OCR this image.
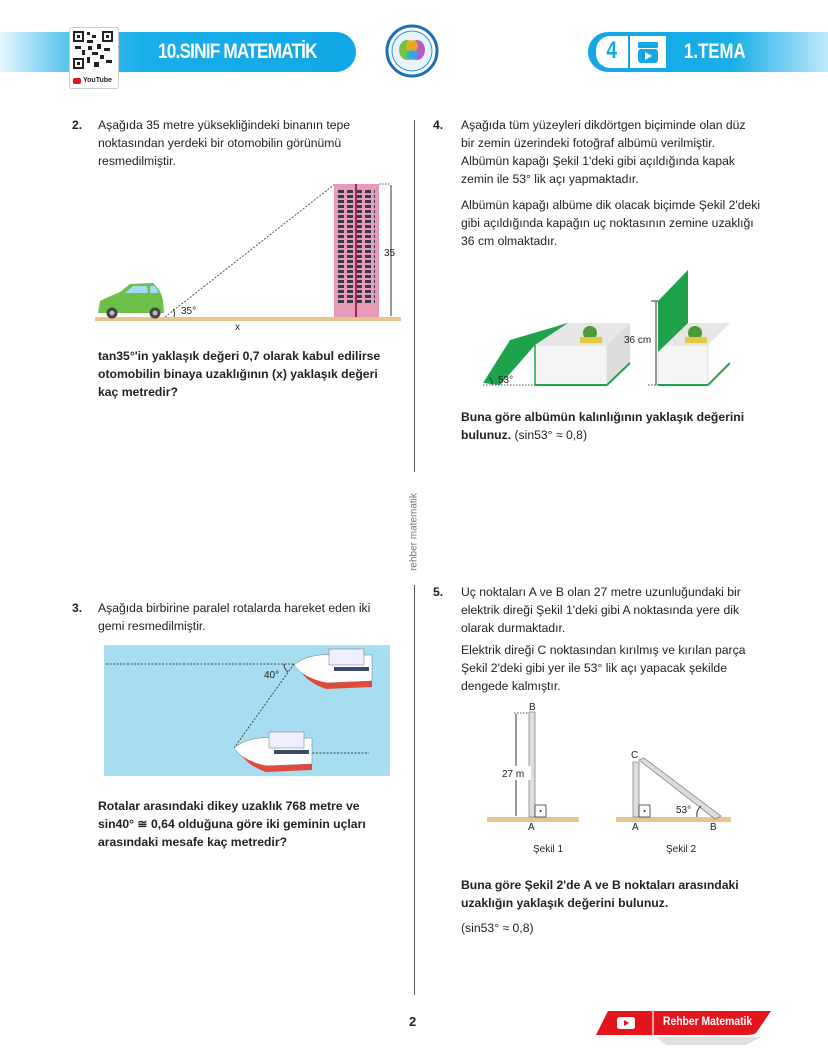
YouTube
10.SINIF MATEMATİK	4	1.TEMA
rehber matematik
2. Aşağıda 35 metre yüksekliğindeki binanın tepe noktasından yerdeki bir otomobilin görünümü resmedilmiştir.

35
35°
x

tan35°'in yaklaşık değeri 0,7 olarak kabul edilirse otomobilin binaya uzaklığının (x) yaklaşık değeri kaç metredir?

3. Aşağıda birbirine paralel rotalarda hareket eden iki gemi resmedilmiştir.

40°

Rotalar arasındaki dikey uzaklık 768 metre ve sin40° ≅ 0,64 olduğuna göre iki geminin uçları arasındaki mesafe kaç metredir?

4. Aşağıda tüm yüzeyleri dikdörtgen biçiminde olan düz bir zemin üzerindeki fotoğraf albümü verilmiştir. Albümün kapağı Şekil 1'deki gibi açıldığında kapak zemin ile 53° lik açı yapmaktadır.

Albümün kapağı albüme dik olacak biçimde Şekil 2'deki gibi açıldığında kapağın uç noktasının zemine uzaklığı 36 cm olmaktadır.

53°
36 cm

Buna göre albümün kalınlığının yaklaşık değerini bulunuz. (sin53° ≈ 0,8)

5. Uç noktaları A ve B olan 27 metre uzunluğundaki bir elektrik direği Şekil 1'deki gibi A noktasında yere dik olarak durmaktadır.

Elektrik direği C noktasından kırılmış ve kırılan parça Şekil 2'deki gibi yer ile 53° lik açı yapacak şekilde dengede kalmıştır.

B
27 m
A
Şekil 1
C
53°
A	B
Şekil 2

Buna göre Şekil 2'de A ve B noktaları arasındaki uzaklığın yaklaşık değerini bulunuz.

(sin53° ≈ 0,8)

2	Rehber Matematik
